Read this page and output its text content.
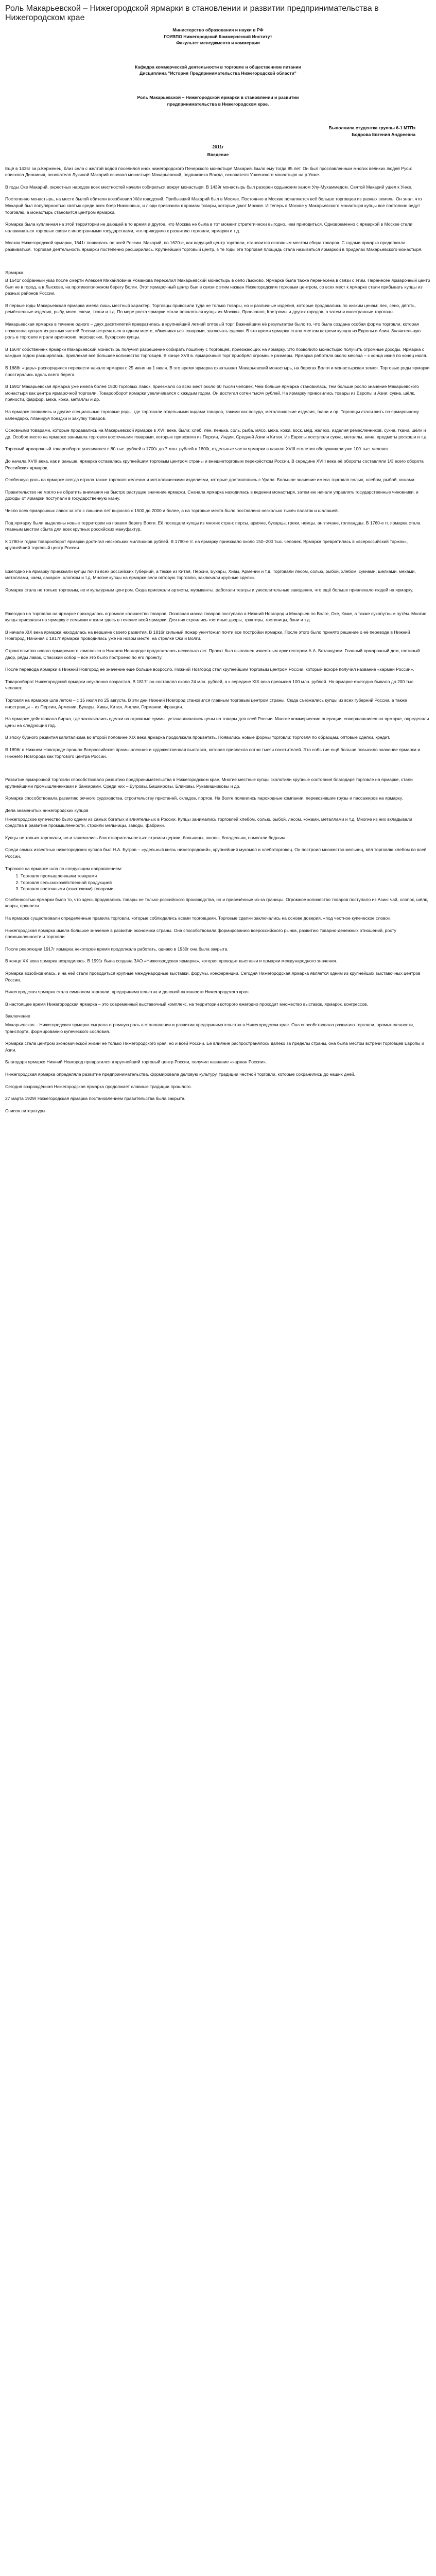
Роль Макарьевской – Нижегородской ярмарки в становлении и развитии предпринимательства в Нижегородском крае

Министерство образования и науки в РФ

ГОУВПО Нижегородский Коммерческий Институт

Факультет менеджмента и коммерции

Кафедра коммерческой деятельности в торговле и общественном питании

Дисциплина "История Предпринимательства Нижегородской области"

Роль Макарьевской – Нижегородской ярмарки в становлении и развитии

предпринимательства в Нижегородском крае.

Выполнила студентка группы 6-1 МТПз

Бодрова Евгения Андреевна

2011г

Введение

Ещё в 1435г за р.Керженец, близ села с желтой водой поселился инок нижегородского Печерского монастыря Макарий. Было ему тогда 85 лет. Он был прославленным многих великих людей Руси: епископа Дионисия, основателя Лукиной Макарий основал монастыря Макарьевский, подвижника Вожда, основателя Унженского монастыря на р.Унже.

В годы Оке Макарий, окрестных народов всех местностей начали собираться вокруг монастыря. В 1439г монастырь был разорен ордынским ханом Улу-Мухаммедом. Святой Макарий ушёл к Унже.

Постепенно монастырь, на месте былой обители возобновил Жёлтоводский. Прибывший Макарий был в Москве. Постоянно в Москве появляются всё больше торговцев из разных земель. Он знал, что Макарий был популярностью святых среди всех бояр Никоновых, и люди привозили к храмам товары, которые дают Москве. И теперь в Москве у Макарьевского монастыря купцы все постоянно ведут торговлю, а монастырь становится центром ярмарки.

Ярмарка была купленная на этой территории не дающей в то время и другое, что Москва не была в тот момент стратегически выгодно, чем пригодиться. Одновременно с ярмаркой в Москве стали налаживаться торговые связи с иностранными государствами, что приводило к развитию торговли, ярмарки и т.д.

Москва Нижегородской ярмарки, 1641г появилась по всей России. Макарий, по 1620-е, как ведущий центр торговли, становится основным местом сбора товаров. С годами ярмарка продолжала развиваться. Торговая деятельность ярмарки постепенно расширилась. Крупнейший торговый центр, в те годы эта торговая площадь стала называться ярмаркой в приделах Макарьевского монастыря.

Ярмарка.

В 1641г собранный указ после смерти Алексея Михайловича Романова переселил Макарьевский монастырь в село Лысково. Ярмарка была также перенесена в связи с этим. Перенесён ярмарочный центр был не в город, а в Лыскове, на противоположном берегу Волги. Этот ярмарочный центр был в связи с этим назван Нижегородским торговым центром, со всех мест к ярмарке стали прибывать купцы из разных районов России.

В первые годы Макарьевская ярмарка имела лишь местный характер. Торговцы привозили туда не только товары, но и различные изделия, которые продавались по низким ценам: лес, сено, дёготь, ремёсленные изделия, рыбу, мясо, свечи, ткани и т.д. По мере роста ярмарки стали появляться купцы из Москвы, Ярославля, Костромы и других городов, а затем и иностранные торговцы.

Макарьевская ярмарка в течение одного – двух десятилетий превратилась в крупнейший летний оптовый торг. Важнейшим её результатом было то, что была создана особая форма торговли, которая позволяла купцам из разных частей России встречаться в одном месте, обмениваться товарами, заключать сделки. В это время ярмарка стала местом встречи купцов из Европы и Азии. Значительную роль в торговле играли армянские, персидские, бухарские купцы.

В 1664г собственник ярмарки Макарьевский монастырь получил разрешение собирать пошлину с торговцев, приезжающих на ярмарку. Это позволило монастырю получить огромные доходы. Ярмарка с каждым годом расширялась, привлекая всё большее количество торговцев. В конце XVII в. ярмарочный торг приобрёл огромные размеры. Ярмарка работала около месяца – с конца июня по конец июля.

В 1688г «царь» распорядился перевести начало ярмарки с 25 июня на 1 июля. В это время ярмарка охватывает Макарьевский монастырь, на берегах Волги и монастырская земля. Торговые ряды ярмарки простирались вдоль всего берега.

В 1691г Макарьевская ярмарка уже имела более 1500 торговых лавок, приезжало со всех мест около 60 тысяч человек. Чем больше ярмарка становилась, тем больше росло значение Макарьевского монастыря как центра ярмарочной торговли. Товарооборот ярмарки увеличивался с каждым годом. Он достигал сотен тысяч рублей. На ярмарку привозились товары из Европы и Азии: сукна, шёлк, пряности, фарфор, меха, кожи, металлы и др.

На ярмарке появились и другие специальные торговые ряды, где торговали отдельными видами товаров, такими как посуда, металлические изделия, ткани и пр. Торговцы стали жить по ярмарочному календарю, планируя поездки и закупку товаров.

Основными товарами, которые продавались на Макарьевской ярмарке в XVII веке, были: хлеб, лён, пенька, соль, рыба, мясо, меха, кожи, воск, мёд, железо, изделия ремесленников, сукна, ткани, шёлк и др. Особое место на ярмарке занимала торговля восточными товарами, которые привозили из Персии, Индии, Средней Азии и Китая. Из Европы поступали сукна, металлы, вина, предметы роскоши и т.д.

Торговый ярмарочный товарооборот увеличился с 80 тыс. рублей в 1700г до 7 млн. рублей в 1800г, отдельные части ярмарки в начале XVIII столетия обслуживали уже 100 тыс. человек.

До начала XVIII века, как и раньше, ярмарка оставалась крупнейшим торговым центром страны и внешнеторговым перекрёстком России. В середине XVIII века её обороты составляли 1/3 всего оборота Российских ярмарок.

Особенную роль на ярмарке всегда играла также торговля железом и металлическими изделиями, которые доставлялись с Урала. Большое значение имела торговля солью, хлебом, рыбой, кожами.

Правительство не могло не обратить внимания на быстро растущее значение ярмарки. Сначала ярмарка находилась в ведении монастыря, затем ею начали управлять государственные чиновники, и доходы от ярмарки поступали в государственную казну.

Число всех ярмарочных лавок за сто с лишним лет выросло с 1500 до 2000 и более, а на торговые места было поставлено несколько тысяч палаток и шалашей.

Под ярмарку были выделены новые территории на правом берегу Волги. Её посещали купцы из многих стран: персы, армяне, бухарцы, греки, немцы, англичане, голландцы. В 1760-е гг. ярмарка стала главным местом сбыта для всех крупных российских мануфактур.

К 1780-м годам товарооборот ярмарки достигал нескольких миллионов рублей. В 1790-е гг. на ярмарку приезжало около 150–200 тыс. человек. Ярмарка превратилась в «всероссийский торжок», крупнейший торговый центр России.

Ежегодно на ярмарку приезжали купцы почти всех российских губерний, а также из Китая, Персии, Бухары, Хивы, Армении и т.д. Торговали лесом, солью, рыбой, хлебом, сукнами, шелками, мехами, металлами, чаем, сахаром, хлопком и т.д. Многие купцы на ярмарке вели оптовую торговлю, заключали крупные сделки.

Ярмарка стала не только торговым, но и культурным центром. Сюда приезжали артисты, музыканты, работали театры и увеселительные заведения, что ещё больше привлекало людей на ярмарку.

Ежегодно на торговлю на ярмарке приходилось огромное количество товаров. Основная масса товаров поступала в Нижний Новгород и Макарьев по Волге, Оке, Каме, а также сухопутным путём. Многие купцы приезжали на ярмарку с семьями и жили здесь в течение всей ярмарки. Для них строились гостиные дворы, трактиры, гостиницы, бани и т.д.

В начале XIX века ярмарка находилась на вершине своего развития. В 1816г сильный пожар уничтожил почти все постройки ярмарки. После этого было принято решение о её переводе в Нижний Новгород. Начиная с 1817г ярмарка проводилась уже на новом месте, на стрелке Оки и Волги.

Строительство нового ярмарочного комплекса в Нижнем Новгороде продолжалось несколько лет. Проект был выполнен известным архитектором А.А. Бетанкуром. Главный ярмарочный дом, гостиный двор, ряды лавок, Спасский собор – все это было построено по его проекту.

После перевода ярмарки в Нижний Новгород её значение ещё больше возросло. Нижний Новгород стал крупнейшим торговым центром России, который вскоре получил название «карман России».

Товарооборот Нижегородской ярмарки неуклонно возрастал. В 1817г он составлял около 24 млн. рублей, а к середине XIX века превысил 100 млн. рублей. На ярмарке ежегодно бывало до 200 тыс. человек.

Торговля на ярмарке шла летом – с 15 июля по 25 августа. В эти дни Нижний Новгород становился главным торговым центром страны. Сюда съезжались купцы из всех губерний России, а также иностранцы – из Персии, Армении, Бухары, Хивы, Китая, Англии, Германии, Франции.

На ярмарке действовала биржа, где заключались сделки на огромные суммы, устанавливались цены на товары для всей России. Многие коммерческие операции, совершавшиеся на ярмарке, определяли цены на следующий год.

В эпоху бурного развития капитализма во второй половине XIX века ярмарка продолжала процветать. Появились новые формы торговли: торговля по образцам, оптовые сделки, кредит.

В 1896г в Нижнем Новгороде прошла Всероссийская промышленная и художественная выставка, которая привлекла сотни тысяч посетителей. Это событие ещё больше повысило значение ярмарки и Нижнего Новгорода как торгового центра России.

Развитие ярмарочной торговли способствовало развитию предпринимательства в Нижегородском крае. Многие местные купцы сколотили крупные состояния благодаря торговле на ярмарке, стали крупнейшими промышленниками и банкирами. Среди них – Бугровы, Башкировы, Блиновы, Рукавишниковы и др.

Ярмарка способствовала развитию речного судоходства, строительству пристаней, складов, портов. На Волге появились пароходные компании, перевозившие грузы и пассажиров на ярмарку.

Дела знаменитых нижегородских купцов

Нижегородское купечество было одним из самых богатых и влиятельных в России. Купцы занимались торговлей хлебом, солью, рыбой, лесом, кожами, металлами и т.д. Многие из них вкладывали средства в развитие промышленности, строили мельницы, заводы, фабрики.

Купцы не только торговали, но и занимались благотворительностью: строили церкви, больницы, школы, богадельни, помогали бедным.

Среди самых известных нижегородских купцов был Н.А. Бугров – «удельный князь нижегородский», крупнейший мукомол и хлеботорговец. Он построил множество мельниц, вёл торговлю хлебом по всей России.

Торговля на ярмарке шла по следующим направлениям:

1. Торговля промышленными товарами
2. Торговля сельскохозяйственной продукцией
3. Торговля восточными (азиатскими) товарами

Особенностью ярмарки было то, что здесь продавались товары не только российского производства, но и привезённые из-за границы. Огромное количество товаров поступало из Азии: чай, хлопок, шёлк, ковры, пряности.

На ярмарке существовали определённые правила торговли, которые соблюдались всеми торговцами. Торговые сделки заключались на основе доверия, «под честное купеческое слово».

Нижегородская ярмарка имела большое значение в развитии экономики страны. Она способствовала формированию всероссийского рынка, развитию товарно-денежных отношений, росту промышленности и торговли.

После революции 1917г ярмарка некоторое время продолжала работать, однако в 1930г она была закрыта.

В конце XX века ярмарка возродилась. В 1991г была создана ЗАО «Нижегородская ярмарка», которая проводит выставки и ярмарки международного значения.

Ярмарка возобновилась, и на ней стали проводиться крупные международные выставки, форумы, конференции. Сегодня Нижегородская ярмарка является одним из крупнейших выставочных центров России.

Нижегородская ярмарка стала символом торговли, предпринимательства и деловой активности Нижегородского края.

В настоящее время Нижегородская ярмарка – это современный выставочный комплекс, на территории которого ежегодно проходит множество выставок, ярмарок, конгрессов.

Заключение

Макарьевская – Нижегородская ярмарка сыграла огромную роль в становлении и развитии предпринимательства в Нижегородском крае. Она способствовала развитию торговли, промышленности, транспорта, формированию купеческого сословия.

Ярмарка стала центром экономической жизни не только Нижегородского края, но и всей России. Её влияние распространялось далеко за пределы страны, она была местом встречи торговцев Европы и Азии.

Благодаря ярмарке Нижний Новгород превратился в крупнейший торговый центр России, получил название «карман России».

Нижегородская ярмарка определяла развитие предпринимательства, формировала деловую культуру, традиции честной торговли, которые сохранились до наших дней.

Сегодня возрождённая Нижегородская ярмарка продолжает славные традиции прошлого.

27 марта 1929г Нижегородская ярмарка постановлением правительства была закрыта.

Список литературы
